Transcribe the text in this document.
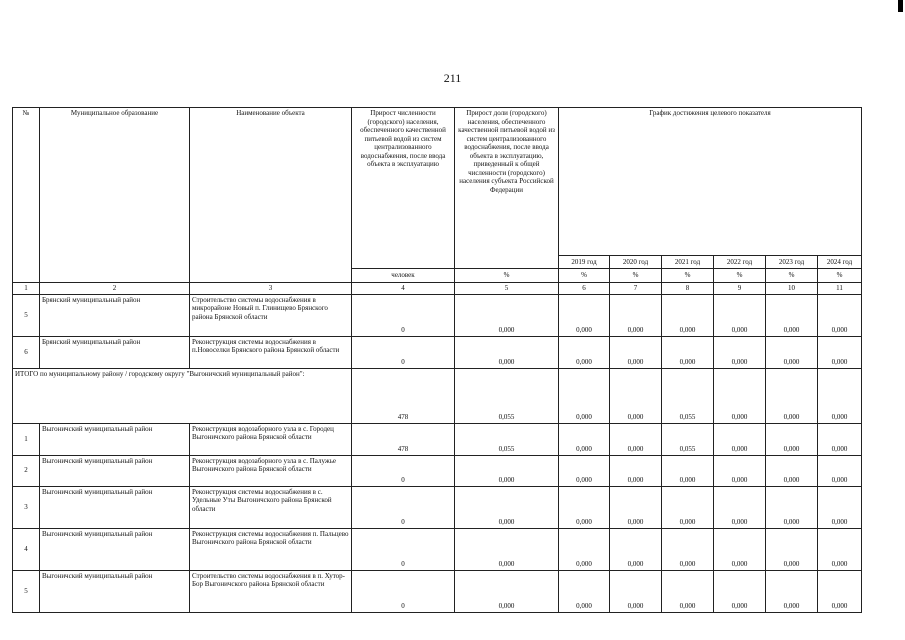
211
№	Муниципальное образование	Наименование объекта	Прирост численности (городского) населения, обеспеченного качественной питьевой водой из систем централизованного водоснабжения, после ввода объекта в эксплуатацию	Прирост доли (городского) населения, обеспеченного качественной питьевой водой из систем централизованного водоснабжения, после ввода объекта в эксплуатацию, приведенный к общей численности (городского) населения субъекта Российской Федерации	График достижения целевого показателя					
					2019 год	2020 год	2021 год	2022 год	2023 год	2024 год
			человек	%	%	%	%	%	%	%
1	2	3	4	5	6	7	8	9	10	11
5	Брянский муниципальный район	Строительство системы водоснабжения в микрорайоне Новый п. Глинищево Брянского района Брянской области	0	0,000	0,000	0,000	0,000	0,000	0,000	0,000
6	Брянский муниципальный район	Реконструкция системы водоснабжения в п.Новоселки Брянского района Брянской области	0	0,000	0,000	0,000	0,000	0,000	0,000	0,000
ИТОГО по муниципальному району / городскому округу "Выгоничский муниципальный район":			478	0,055	0,000	0,000	0,055	0,000	0,000	0,000
1	Выгоничский муниципальный район	Реконструкция водозаборного узла в с. Городец Выгоничского района Брянской области	478	0,055	0,000	0,000	0,055	0,000	0,000	0,000
2	Выгоничский муниципальный район	Реконструкция водозаборного узла в с. Палужье Выгоничского района Брянской области	0	0,000	0,000	0,000	0,000	0,000	0,000	0,000
3	Выгоничский муниципальный район	Реконструкция системы водоснабжения в с. Удельные Уты Выгоничского района Брянской области	0	0,000	0,000	0,000	0,000	0,000	0,000	0,000
4	Выгоничский муниципальный район	Реконструкция системы водоснабжения п. Пальцево Выгоничского района Брянской области	0	0,000	0,000	0,000	0,000	0,000	0,000	0,000
5	Выгоничский муниципальный район	Строительство системы водоснабжения в п. Хутор-Бор Выгоничского района Брянской области	0	0,000	0,000	0,000	0,000	0,000	0,000	0,000
